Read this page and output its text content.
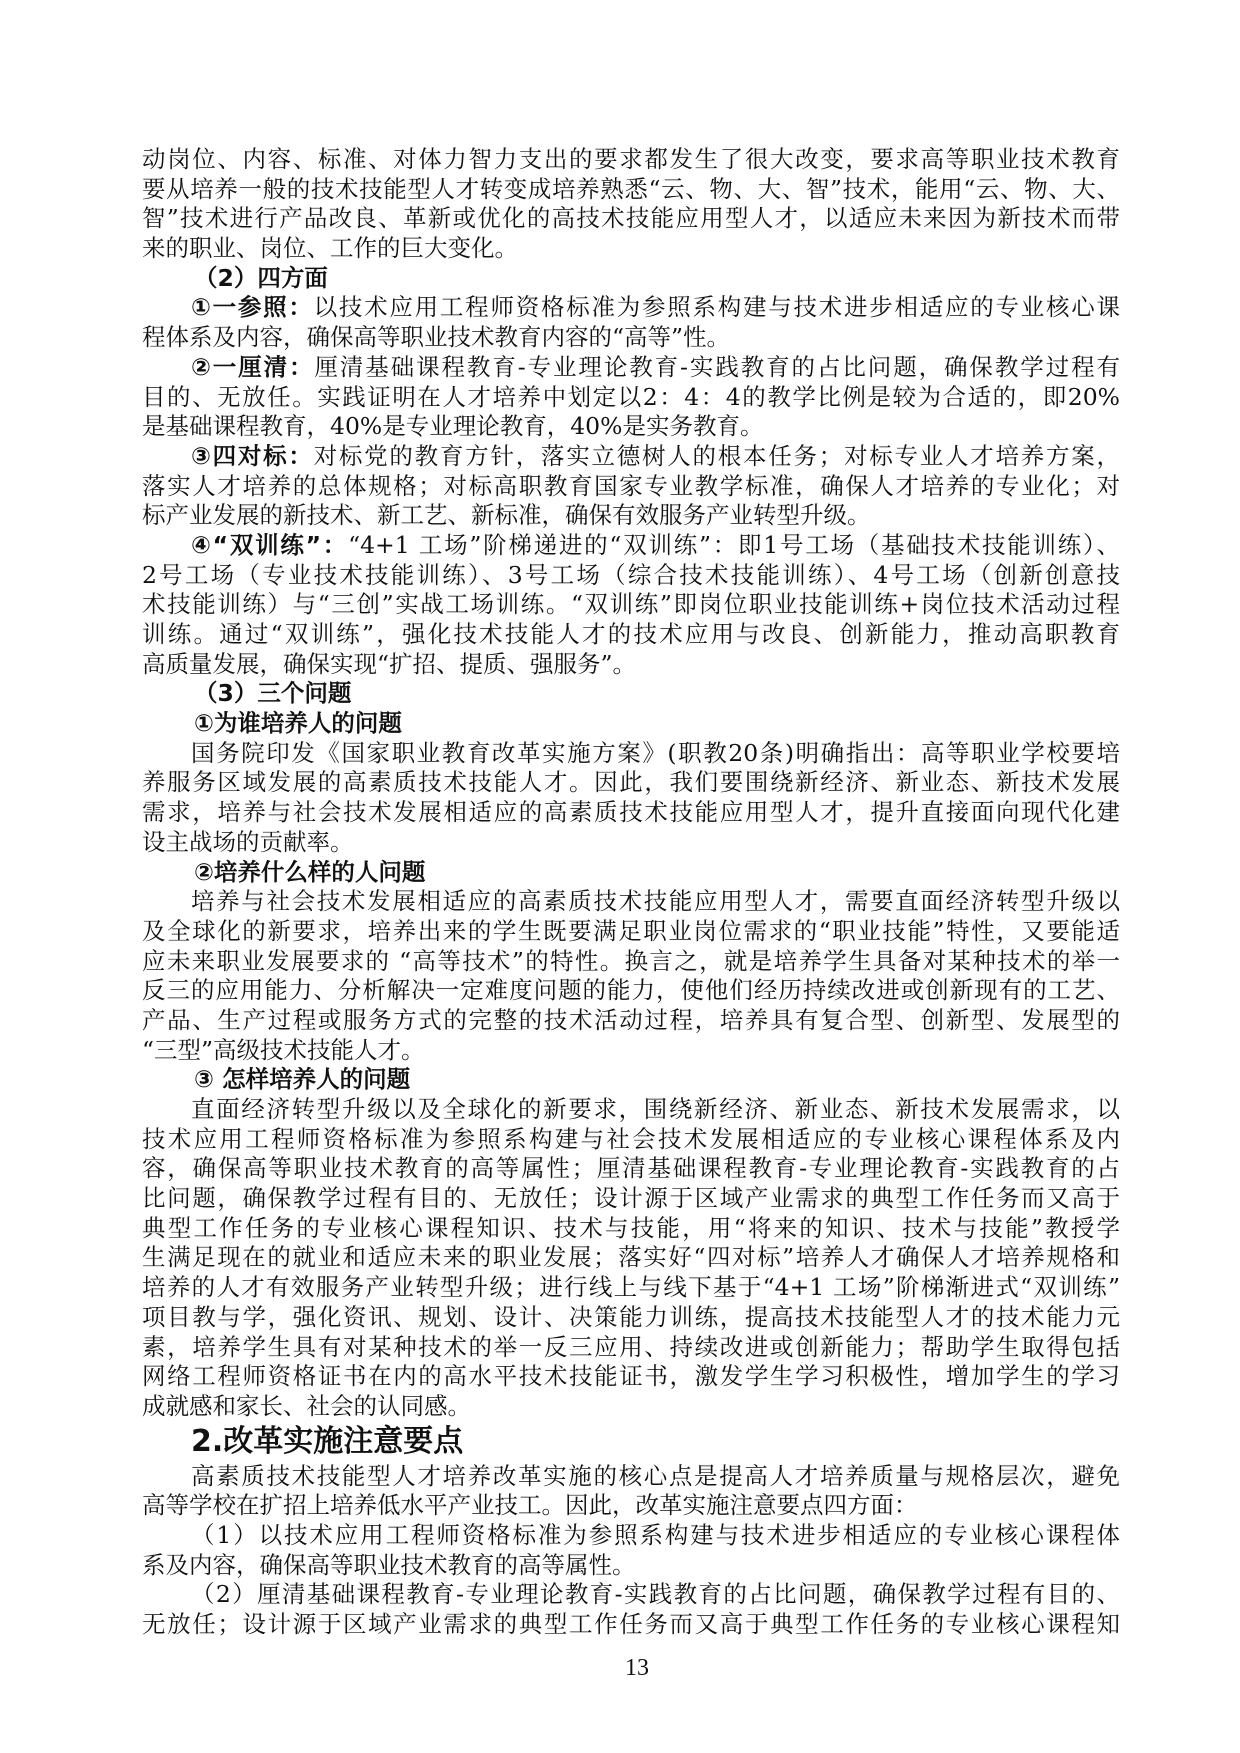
动岗位、内容、标准、对体力智力支出的要求都发生了很大改变，要求高等职业技术教育
要从培养一般的技术技能型人才转变成培养熟悉“云、物、大、智”技术，能用“云、物、大、
智”技术进行产品改良、革新或优化的高技术技能应用型人才，以适应未来因为新技术而带
来的职业、岗位、工作的巨大变化。
（2）四方面
①一参照：以技术应用工程师资格标准为参照系构建与技术进步相适应的专业核心课
程体系及内容，确保高等职业技术教育内容的“高等”性。
②一厘清：厘清基础课程教育-专业理论教育-实践教育的占比问题，确保教学过程有
目的、无放任。实践证明在人才培养中划定以2：4：4的教学比例是较为合适的，即20%
是基础课程教育，40%是专业理论教育，40%是实务教育。
③四对标：对标党的教育方针，落实立德树人的根本任务；对标专业人才培养方案，
落实人才培养的总体规格；对标高职教育国家专业教学标准，确保人才培养的专业化；对
标产业发展的新技术、新工艺、新标准，确保有效服务产业转型升级。
④“双训练”：“4+1 工场”阶梯递进的“双训练”：即1号工场（基础技术技能训练）、
2号工场（专业技术技能训练）、3号工场（综合技术技能训练）、4号工场（创新创意技
术技能训练）与“三创”实战工场训练。“双训练”即岗位职业技能训练+岗位技术活动过程
训练。通过“双训练”，强化技术技能人才的技术应用与改良、创新能力，推动高职教育
高质量发展，确保实现“扩招、提质、强服务”。
（3）三个问题
①为谁培养人的问题
国务院印发《国家职业教育改革实施方案》(职教20条)明确指出：高等职业学校要培
养服务区域发展的高素质技术技能人才。因此，我们要围绕新经济、新业态、新技术发展
需求，培养与社会技术发展相适应的高素质技术技能应用型人才，提升直接面向现代化建
设主战场的贡献率。
②培养什么样的人问题
培养与社会技术发展相适应的高素质技术技能应用型人才，需要直面经济转型升级以
及全球化的新要求，培养出来的学生既要满足职业岗位需求的“职业技能”特性，又要能适
应未来职业发展要求的 “高等技术”的特性。换言之，就是培养学生具备对某种技术的举一
反三的应用能力、分析解决一定难度问题的能力，使他们经历持续改进或创新现有的工艺、
产品、生产过程或服务方式的完整的技术活动过程，培养具有复合型、创新型、发展型的
“三型”高级技术技能人才。
③ 怎样培养人的问题
直面经济转型升级以及全球化的新要求，围绕新经济、新业态、新技术发展需求，以
技术应用工程师资格标准为参照系构建与社会技术发展相适应的专业核心课程体系及内
容，确保高等职业技术教育的高等属性；厘清基础课程教育-专业理论教育-实践教育的占
比问题，确保教学过程有目的、无放任；设计源于区域产业需求的典型工作任务而又高于
典型工作任务的专业核心课程知识、技术与技能，用“将来的知识、技术与技能”教授学
生满足现在的就业和适应未来的职业发展；落实好“四对标”培养人才确保人才培养规格和
培养的人才有效服务产业转型升级；进行线上与线下基于“4+1 工场”阶梯渐进式“双训练”
项目教与学，强化资讯、规划、设计、决策能力训练，提高技术技能型人才的技术能力元
素，培养学生具有对某种技术的举一反三应用、持续改进或创新能力；帮助学生取得包括
网络工程师资格证书在内的高水平技术技能证书，激发学生学习积极性，增加学生的学习
成就感和家长、社会的认同感。
2.改革实施注意要点
高素质技术技能型人才培养改革实施的核心点是提高人才培养质量与规格层次，避免
高等学校在扩招上培养低水平产业技工。因此，改革实施注意要点四方面：
（1）以技术应用工程师资格标准为参照系构建与技术进步相适应的专业核心课程体
系及内容，确保高等职业技术教育的高等属性。
（2）厘清基础课程教育-专业理论教育-实践教育的占比问题，确保教学过程有目的、
无放任；设计源于区域产业需求的典型工作任务而又高于典型工作任务的专业核心课程知
13
